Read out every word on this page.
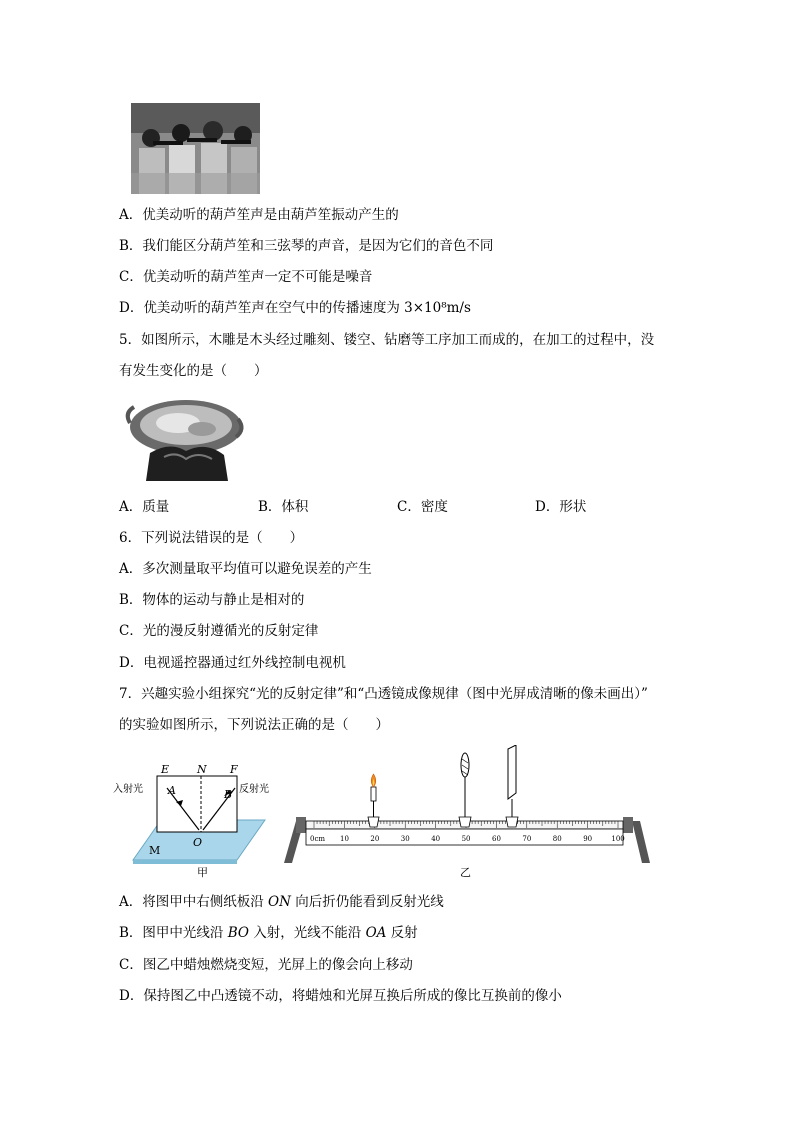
A．优美动听的葫芦笙声是由葫芦笙振动产生的
B．我们能区分葫芦笙和三弦琴的声音，是因为它们的音色不同
C．优美动听的葫芦笙声一定不可能是噪音
D．优美动听的葫芦笙声在空气中的传播速度为 3×10⁸m/s
5．如图所示，木雕是木头经过雕刻、镂空、钻磨等工序加工而成的，在加工的过程中，没
有发生变化的是（　　）
A．质量	B．体积	C．密度	D．形状
6．下列说法错误的是（　　）
A．多次测量取平均值可以避免误差的产生
B．物体的运动与静止是相对的
C．光的漫反射遵循光的反射定律
D．电视遥控器通过红外线控制电视机
7．兴趣实验小组探究“光的反射定律”和“凸透镜成像规律（图中光屏成清晰的像未画出）”
的实验如图所示，下列说法正确的是（　　）
E	N F
A	B
O
M
入射光	反射光
甲
0cm 10	20	30	40	50	60	70	80	90	100
乙
A．将图甲中右侧纸板沿 ON 向后折仍能看到反射光线
B．图甲中光线沿 BO 入射，光线不能沿 OA 反射
C．图乙中蜡烛燃烧变短，光屏上的像会向上移动
D．保持图乙中凸透镜不动，将蜡烛和光屏互换后所成的像比互换前的像小
